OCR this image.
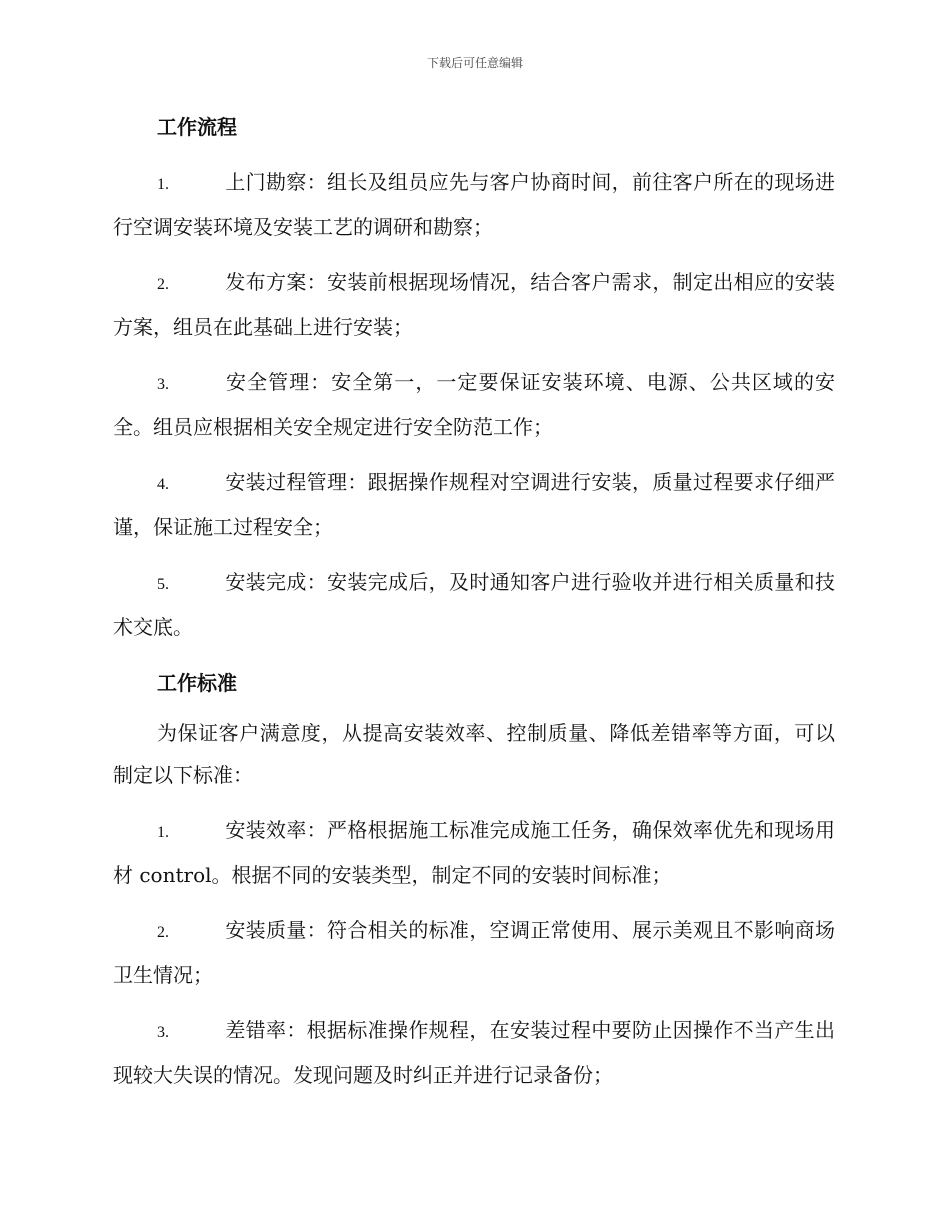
下载后可任意编辑
工作流程
1.	上门勘察：组长及组员应先与客户协商时间，前往客户所在的现场进行空调安装环境及安装工艺的调研和勘察；
2.	发布方案：安装前根据现场情况，结合客户需求，制定出相应的安装方案，组员在此基础上进行安装；
3.	安全管理：安全第一，一定要保证安装环境、电源、公共区域的安全。组员应根据相关安全规定进行安全防范工作；
4.	安装过程管理：跟据操作规程对空调进行安装，质量过程要求仔细严谨，保证施工过程安全；
5.	安装完成：安装完成后，及时通知客户进行验收并进行相关质量和技术交底。
工作标准
为保证客户满意度，从提高安装效率、控制质量、降低差错率等方面，可以制定以下标准：
1.	安装效率：严格根据施工标准完成施工任务，确保效率优先和现场用材 control。根据不同的安装类型，制定不同的安装时间标准；
2.	安装质量：符合相关的标准，空调正常使用、展示美观且不影响商场卫生情况；
3.	差错率：根据标准操作规程，在安装过程中要防止因操作不当产生出现较大失误的情况。发现问题及时纠正并进行记录备份；
